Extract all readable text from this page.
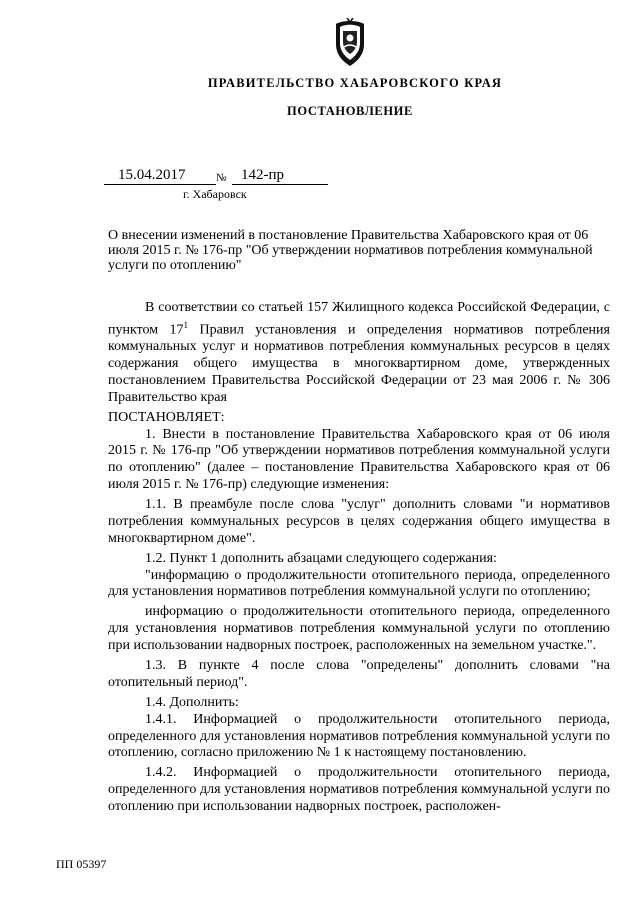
ПРАВИТЕЛЬСТВО ХАБАРОВСКОГО КРАЯ
ПОСТАНОВЛЕНИЕ
15.04.2017	№ 142-пр
г. Хабаровск
О внесении изменений в постановление Правительства Хабаровского края от 06 июля 2015 г. № 176-пр "Об утверждении нормативов потребления коммунальной услуги по отоплению"

В соответствии со статьей 157 Жилищного кодекса Российской Федерации, с пунктом $17^1$ Правил установления и определения нормативов потребления коммунальных услуг и нормативов потребления коммунальных ресурсов в целях содержания общего имущества в многоквартирном доме, утвержденных постановлением Правительства Российской Федерации от 23 мая 2006 г. № 306 Правительство края

ПОСТАНОВЛЯЕТ:

1. Внести в постановление Правительства Хабаровского края от 06 июля 2015 г. № 176-пр "Об утверждении нормативов потребления коммунальной услуги по отоплению" (далее – постановление Правительства Хабаровского края от 06 июля 2015 г. № 176-пр) следующие изменения:

1.1. В преамбуле после слова "услуг" дополнить словами "и нормативов потребления коммунальных ресурсов в целях содержания общего имущества в многоквартирном доме".

1.2. Пункт 1 дополнить абзацами следующего содержания:

"информацию о продолжительности отопительного периода, определенного для установления нормативов потребления коммунальной услуги по отоплению;

информацию о продолжительности отопительного периода, определенного для установления нормативов потребления коммунальной услуги по отоплению при использовании надворных построек, расположенных на земельном участке.".

1.3. В пункте 4 после слова "определены" дополнить словами "на отопительный период".

1.4. Дополнить:

1.4.1. Информацией о продолжительности отопительного периода, определенного для установления нормативов потребления коммунальной услуги по отоплению, согласно приложению № 1 к настоящему постановлению.

1.4.2. Информацией о продолжительности отопительного периода, определенного для установления нормативов потребления коммунальной услуги по отоплению при использовании надворных построек, расположен-

ПП 05397
